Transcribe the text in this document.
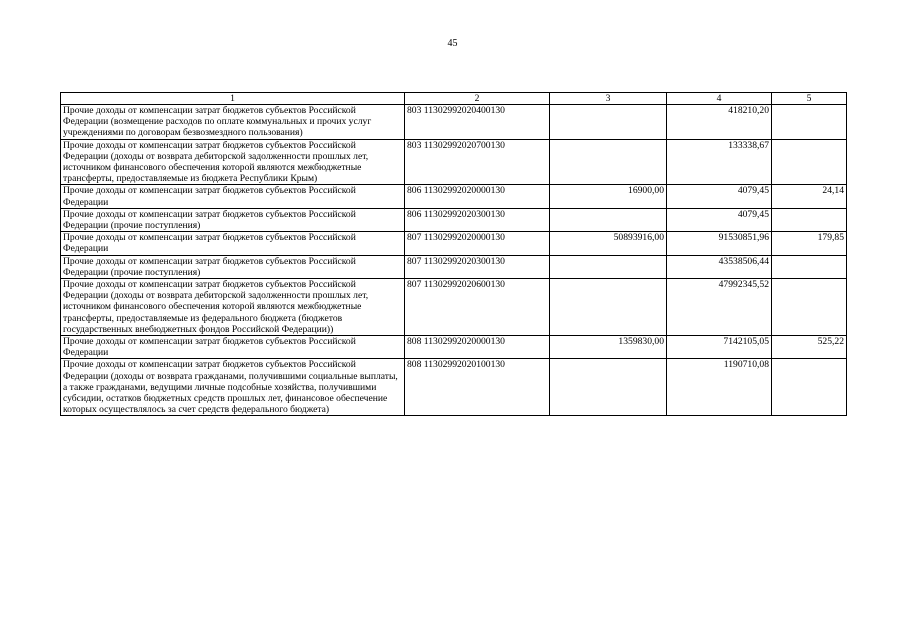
45
1	2	3	4	5
Прочие доходы от компенсации затрат бюджетов субъектов Российской Федерации (возмещение расходов по оплате коммунальных и прочих услуг учреждениями по договорам безвозмездного пользования)	803 11302992020400130		418210,20	
Прочие доходы от компенсации затрат бюджетов субъектов Российской Федерации (доходы от возврата дебиторской задолженности прошлых лет, источником финансового обеспечения которой являются межбюджетные трансферты, предоставляемые из бюджета Республики Крым)	803 11302992020700130		133338,67	
Прочие доходы от компенсации затрат бюджетов субъектов Российской Федерации	806 11302992020000130	16900,00	4079,45	24,14
Прочие доходы от компенсации затрат бюджетов субъектов Российской Федерации (прочие поступления)	806 11302992020300130		4079,45	
Прочие доходы от компенсации затрат бюджетов субъектов Российской Федерации	807 11302992020000130	50893916,00	91530851,96	179,85
Прочие доходы от компенсации затрат бюджетов субъектов Российской Федерации (прочие поступления)	807 11302992020300130		43538506,44	
Прочие доходы от компенсации затрат бюджетов субъектов Российской Федерации (доходы от возврата дебиторской задолженности прошлых лет, источником финансового обеспечения которой являются межбюджетные трансферты, предоставляемые из федерального бюджета (бюджетов государственных внебюджетных фондов Российской Федерации))	807 11302992020600130		47992345,52	
Прочие доходы от компенсации затрат бюджетов субъектов Российской Федерации	808 11302992020000130	1359830,00	7142105,05	525,22
Прочие доходы от компенсации затрат бюджетов субъектов Российской Федерации (доходы от возврата гражданами, получившими социальные выплаты, а также гражданами, ведущими личные подсобные хозяйства, получившими субсидии, остатков бюджетных средств прошлых лет, финансовое обеспечение которых осуществлялось за счет средств федерального бюджета)	808 11302992020100130		1190710,08	
